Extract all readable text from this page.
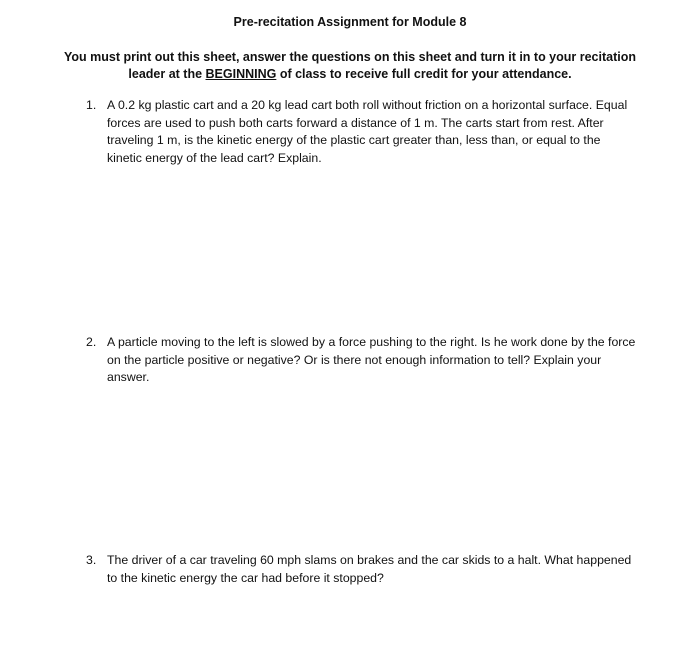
Pre-recitation Assignment for Module 8
You must print out this sheet, answer the questions on this sheet and turn it in to your recitation leader at the BEGINNING of class to receive full credit for your attendance.
1. A 0.2 kg plastic cart and a 20 kg lead cart both roll without friction on a horizontal surface. Equal forces are used to push both carts forward a distance of 1 m. The carts start from rest. After traveling 1 m, is the kinetic energy of the plastic cart greater than, less than, or equal to the kinetic energy of the lead cart? Explain.
2. A particle moving to the left is slowed by a force pushing to the right. Is he work done by the force on the particle positive or negative? Or is there not enough information to tell? Explain your answer.
3. The driver of a car traveling 60 mph slams on brakes and the car skids to a halt. What happened to the kinetic energy the car had before it stopped?
